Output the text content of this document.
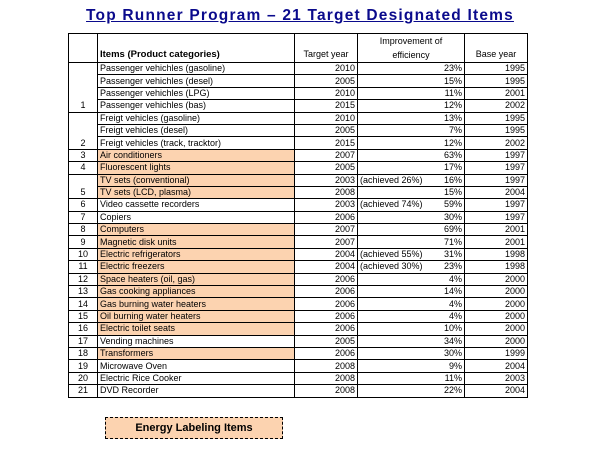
Top Runner Program – 21 Target Designated Items
	Items (Product categories)	Target year	Improvement of		Base year
			efficiency		
	Passenger vehichles (gasoline)	2010		23%	1995
	Passenger vehichles (desel)	2005		15%	1995
	Passenger vehichles (LPG)	2010		11%	2001
1	Passenger vehichles (bas)	2015		12%	2002
	Freigt vehicles (gasoline)	2010		13%	1995
	Freigt vehicles (desel)	2005		7%	1995
2	Freigt vehicles (track, tracktor)	2015		12%	2002
3	Air conditioners	2007		63%	1997
4	Fluorescent lights	2005		17%	1997
	TV sets (conventional)	2003	(achieved 26%)	16%	1997
5	TV sets (LCD, plasma)	2008		15%	2004
6	Video cassette recorders	2003	(achieved 74%)	59%	1997
7	Copiers	2006		30%	1997
8	Computers	2007		69%	2001
9	Magnetic disk units	2007		71%	2001
10	Electric refrigerators	2004	(achieved 55%)	31%	1998
11	Electric freezers	2004	(achieved 30%)	23%	1998
12	Space heaters (oil, gas)	2006		4%	2000
13	Gas cooking appliances	2006		14%	2000
14	Gas burning water heaters	2006		4%	2000
15	Oil burning water heaters	2006		4%	2000
16	Electric toilet seats	2006		10%	2000
17	Vending machines	2005		34%	2000
18	Transformers	2006		30%	1999
19	Microwave Oven	2008		9%	2004
20	Electric Rice Cooker	2008		11%	2003
21	DVD Recorder	2008		22%	2004
Energy Labeling Items
